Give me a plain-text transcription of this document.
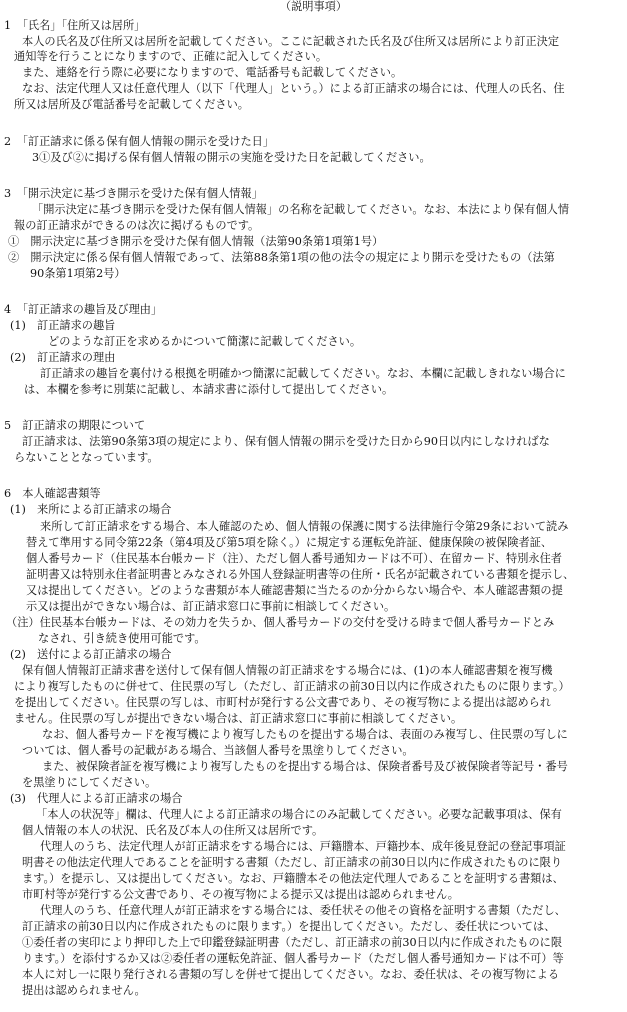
（説明事項）
1　「氏名」「住所又は居所」
本人の氏名及び住所又は居所を記載してください。ここに記載された氏名及び住所又は居所により訂正決定
通知等を行うことになりますので、正確に記入してください。
また、連絡を行う際に必要になりますので、電話番号も記載してください。
なお、法定代理人又は任意代理人（以下「代理人」という。）による訂正請求の場合には、代理人の氏名、住
所又は居所及び電話番号を記載してください。
2　「訂正請求に係る保有個人情報の開示を受けた日」
3①及び②に掲げる保有個人情報の開示の実施を受けた日を記載してください。
3　「開示決定に基づき開示を受けた保有個人情報」
「開示決定に基づき開示を受けた保有個人情報」の名称を記載してください。なお、本法により保有個人情
報の訂正請求ができるのは次に掲げるものです。
①　開示決定に基づき開示を受けた保有個人情報（法第90条第1項第1号）
②　開示決定に係る保有個人情報であって、法第88条第1項の他の法令の規定により開示を受けたもの（法第
90条第1項第2号）
4　「訂正請求の趣旨及び理由」
(1)　訂正請求の趣旨
どのような訂正を求めるかについて簡潔に記載してください。
(2)　訂正請求の理由
訂正請求の趣旨を裏付ける根拠を明確かつ簡潔に記載してください。なお、本欄に記載しきれない場合に
は、本欄を参考に別葉に記載し、本請求書に添付して提出してください。
5　訂正請求の期限について
訂正請求は、法第90条第3項の規定により、保有個人情報の開示を受けた日から90日以内にしなければな
らないこととなっています。
6　本人確認書類等
(1)　来所による訂正請求の場合
来所して訂正請求をする場合、本人確認のため、個人情報の保護に関する法律施行令第29条において読み
替えて準用する同令第22条（第4項及び第5項を除く。）に規定する運転免許証、健康保険の被保険者証、
個人番号カード（住民基本台帳カード（注）、ただし個人番号通知カードは不可）、在留カード、特別永住者
証明書又は特別永住者証明書とみなされる外国人登録証明書等の住所・氏名が記載されている書類を提示し、
又は提出してください。どのような書類が本人確認書類に当たるのか分からない場合や、本人確認書類の提
示又は提出ができない場合は、訂正請求窓口に事前に相談してください。
（注）住民基本台帳カードは、その効力を失うか、個人番号カードの交付を受ける時まで個人番号カードとみ
なされ、引き続き使用可能です。
(2)　送付による訂正請求の場合
保有個人情報訂正請求書を送付して保有個人情報の訂正請求をする場合には、(1)の本人確認書類を複写機
により複写したものに併せて、住民票の写し（ただし、訂正請求の前30日以内に作成されたものに限ります。）
を提出してください。住民票の写しは、市町村が発行する公文書であり、その複写物による提出は認められ
ません。住民票の写しが提出できない場合は、訂正請求窓口に事前に相談してください。
なお、個人番号カードを複写機により複写したものを提出する場合は、表面のみ複写し、住民票の写しに
ついては、個人番号の記載がある場合、当該個人番号を黒塗りしてください。
また、被保険者証を複写機により複写したものを提出する場合は、保険者番号及び被保険者等記号・番号
を黒塗りにしてください。
(3)　代理人による訂正請求の場合
「本人の状況等」欄は、代理人による訂正請求の場合にのみ記載してください。必要な記載事項は、保有
個人情報の本人の状況、氏名及び本人の住所又は居所です。
代理人のうち、法定代理人が訂正請求をする場合には、戸籍謄本、戸籍抄本、成年後見登記の登記事項証
明書その他法定代理人であることを証明する書類（ただし、訂正請求の前30日以内に作成されたものに限り
ます。）を提示し、又は提出してください。なお、戸籍謄本その他法定代理人であることを証明する書類は、
市町村等が発行する公文書であり、その複写物による提示又は提出は認められません。
代理人のうち、任意代理人が訂正請求をする場合には、委任状その他その資格を証明する書類（ただし、
訂正請求の前30日以内に作成されたものに限ります。）を提出してください。ただし、委任状については、
①委任者の実印により押印した上で印鑑登録証明書（ただし、訂正請求の前30日以内に作成されたものに限
ります。）を添付するか又は②委任者の運転免許証、個人番号カード（ただし個人番号通知カードは不可）等
本人に対し一に限り発行される書類の写しを併せて提出してください。なお、委任状は、その複写物による
提出は認められません。
